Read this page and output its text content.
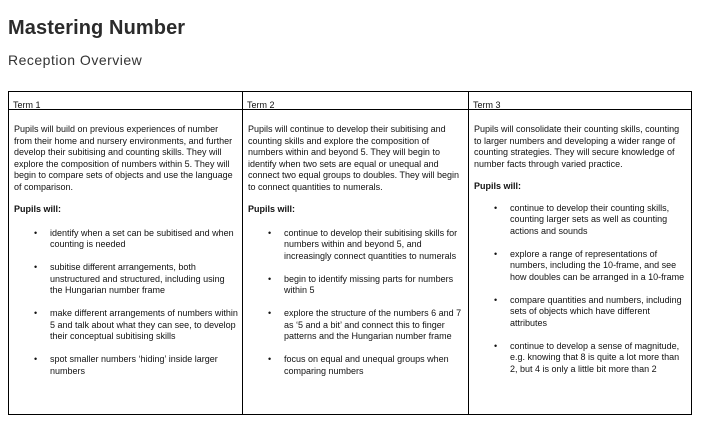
Mastering Number
Reception Overview
Term 1	Term 2	Term 3

Pupils will build on previous experiences of number from their home and nursery environments, and further develop their subitising and counting skills. They will explore the composition of numbers within 5. They will begin to compare sets of objects and use the language of comparison.

Pupils will:

• identify when a set can be subitised and when counting is needed
• subitise different arrangements, both unstructured and structured, including using the Hungarian number frame
• make different arrangements of numbers within 5 and talk about what they can see, to develop their conceptual subitising skills
• spot smaller numbers ‘hiding’ inside larger numbers

Pupils will continue to develop their subitising and counting skills and explore the composition of numbers within and beyond 5. They will begin to identify when two sets are equal or unequal and connect two equal groups to doubles. They will begin to connect quantities to numerals.

Pupils will:

• continue to develop their subitising skills for numbers within and beyond 5, and increasingly connect quantities to numerals
• begin to identify missing parts for numbers within 5
• explore the structure of the numbers 6 and 7 as ‘5 and a bit’ and connect this to finger patterns and the Hungarian number frame
• focus on equal and unequal groups when comparing numbers

Pupils will consolidate their counting skills, counting to larger numbers and developing a wider range of counting strategies. They will secure knowledge of number facts through varied practice.

Pupils will:

• continue to develop their counting skills, counting larger sets as well as counting actions and sounds
• explore a range of representations of numbers, including the 10-frame, and see how doubles can be arranged in a 10-frame
• compare quantities and numbers, including sets of objects which have different attributes
• continue to develop a sense of magnitude, e.g. knowing that 8 is quite a lot more than 2, but 4 is only a little bit more than 2
